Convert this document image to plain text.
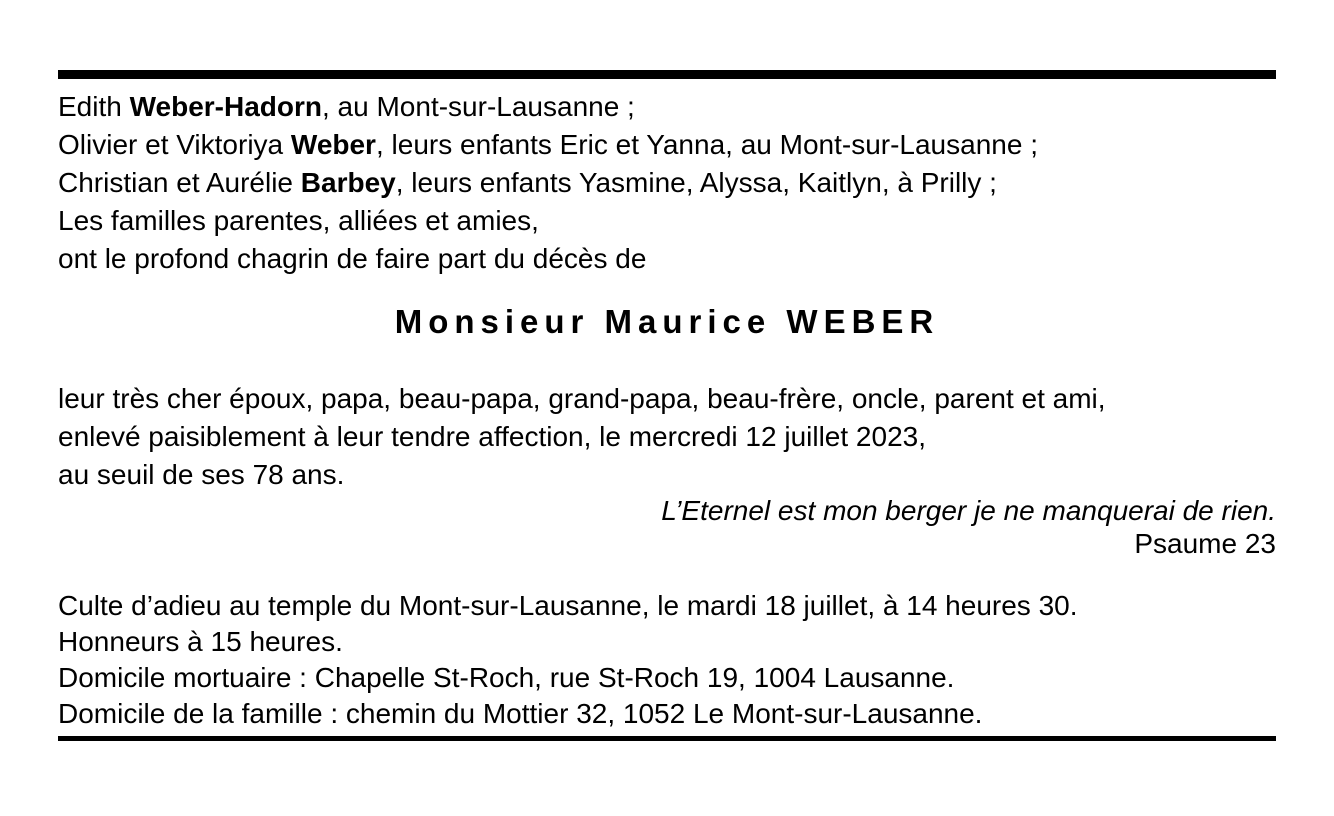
Edith Weber-Hadorn, au Mont-sur-Lausanne ;
Olivier et Viktoriya Weber, leurs enfants Eric et Yanna, au Mont-sur-Lausanne ;
Christian et Aurélie Barbey, leurs enfants Yasmine, Alyssa, Kaitlyn, à Prilly ;
Les familles parentes, alliées et amies,
ont le profond chagrin de faire part du décès de
Monsieur Maurice WEBER
leur très cher époux, papa, beau-papa, grand-papa, beau-frère, oncle, parent et ami,
enlevé paisiblement à leur tendre affection, le mercredi 12 juillet 2023,
au seuil de ses 78 ans.
L’Eternel est mon berger je ne manquerai de rien.
Psaume 23
Culte d’adieu au temple du Mont-sur-Lausanne, le mardi 18 juillet, à 14 heures 30.
Honneurs à 15 heures.
Domicile mortuaire : Chapelle St-Roch, rue St-Roch 19, 1004 Lausanne.
Domicile de la famille : chemin du Mottier 32, 1052 Le Mont-sur-Lausanne.
